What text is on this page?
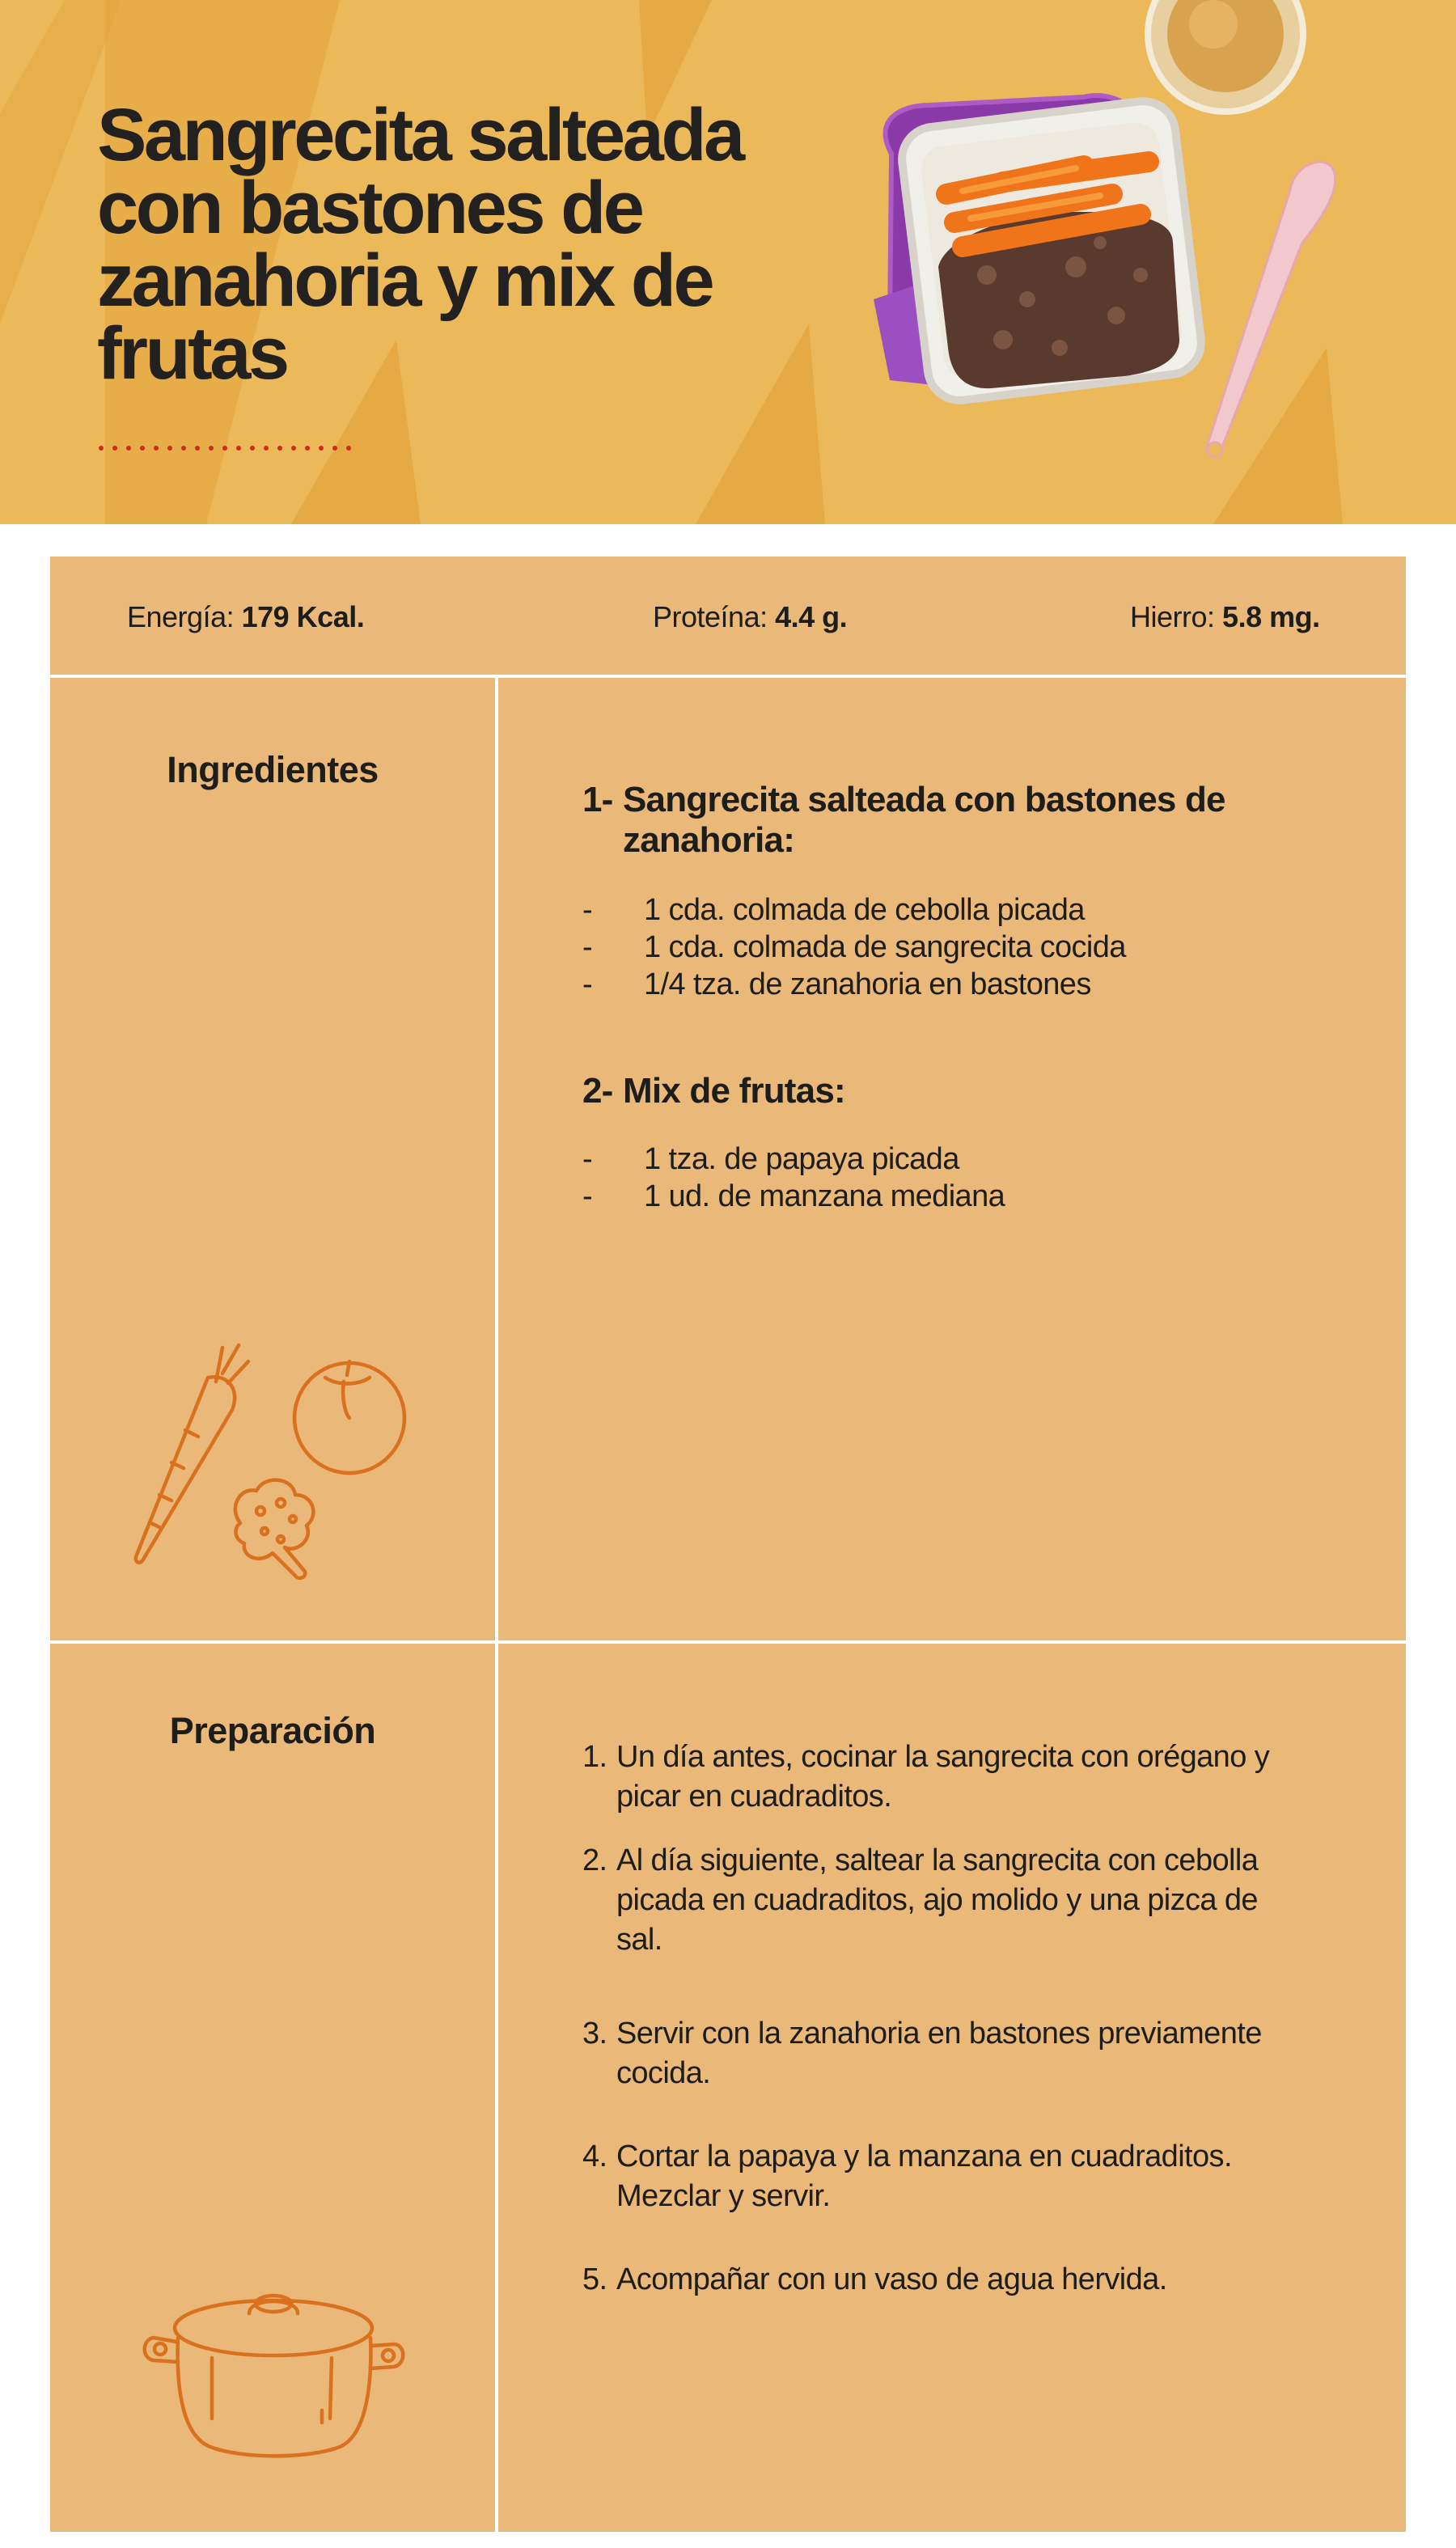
Sangrecita salteada con bastones de zanahoria y mix de frutas
Energía: 179 Kcal.	Proteína: 4.4 g.	Hierro: 5.8 mg.
Ingredientes
1- Sangrecita salteada con bastones de zanahoria:
-	1 cda. colmada de cebolla picada
-	1 cda. colmada de sangrecita cocida
-	1/4 tza. de zanahoria en bastones
2- Mix de frutas:
-	1 tza. de papaya picada
-	1 ud. de manzana mediana
Preparación
1. Un día antes, cocinar la sangrecita con orégano y picar en cuadraditos.
2. Al día siguiente, saltear la sangrecita con cebolla picada en cuadraditos, ajo molido y una pizca de sal.
3. Servir con la zanahoria en bastones previamente cocida.
4. Cortar la papaya y la manzana en cuadraditos. Mezclar y servir.
5. Acompañar con un vaso de agua hervida.
